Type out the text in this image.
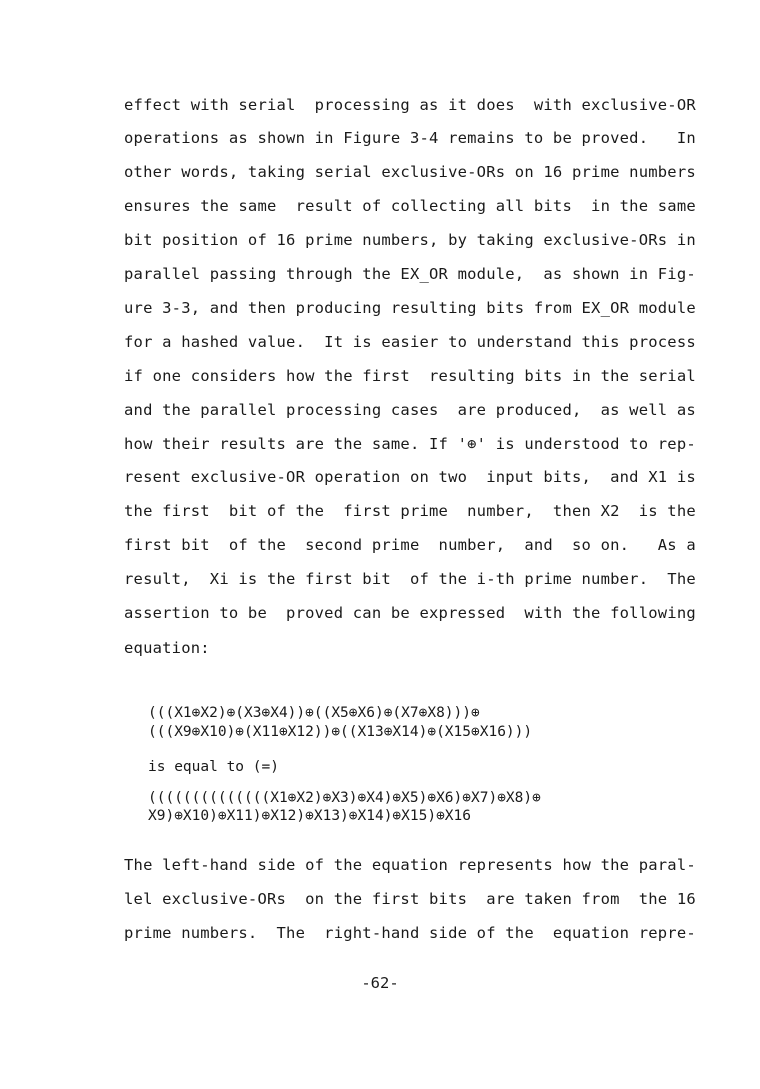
effect with serial  processing as it does  with exclusive-OR
operations as shown in Figure 3-4 remains to be proved.   In
other words, taking serial exclusive-ORs on 16 prime numbers
ensures the same  result of collecting all bits  in the same
bit position of 16 prime numbers, by taking exclusive-ORs in
parallel passing through the EX_OR module,  as shown in Fig-
ure 3-3, and then producing resulting bits from EX_OR module
for a hashed value.  It is easier to understand this process
if one considers how the first  resulting bits in the serial
and the parallel processing cases  are produced,  as well as
how their results are the same. If '⊕' is understood to rep-
resent exclusive-OR operation on two  input bits,  and X1 is
the first  bit of the  first prime  number,  then X2  is the
first bit  of the  second prime  number,  and  so on.   As a
result,  Xi is the first bit  of the i-th prime number.  The
assertion to be  proved can be expressed  with the following
equation:
(((X1⊕X2)⊕(X3⊕X4))⊕((X5⊕X6)⊕(X7⊕X8)))⊕
(((X9⊕X10)⊕(X11⊕X12))⊕((X13⊕X14)⊕(X15⊕X16)))
is equal to (=)
((((((((((((((X1⊕X2)⊕X3)⊕X4)⊕X5)⊕X6)⊕X7)⊕X8)⊕
X9)⊕X10)⊕X11)⊕X12)⊕X13)⊕X14)⊕X15)⊕X16
The left-hand side of the equation represents how the paral-
lel exclusive-ORs  on the first bits  are taken from  the 16
prime numbers.  The  right-hand side of the  equation repre-
-62-
